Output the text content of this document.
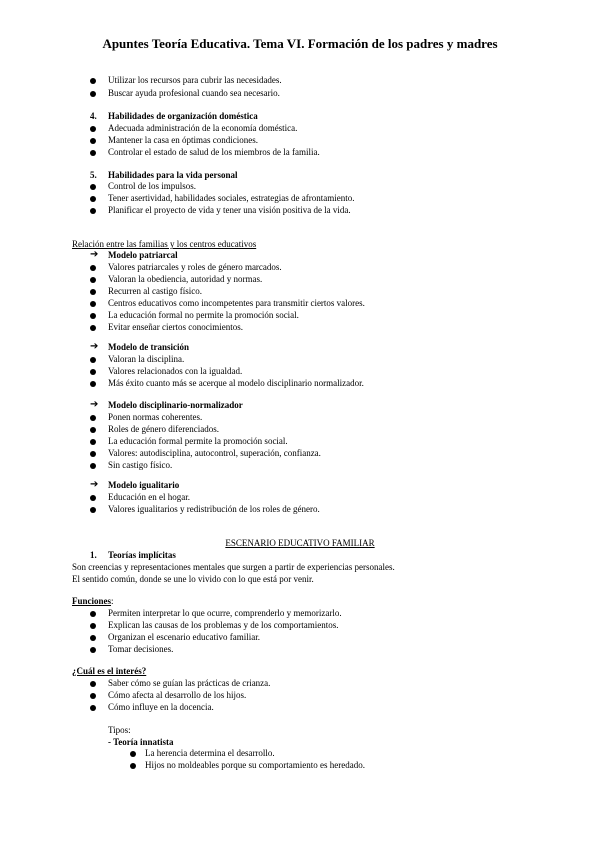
Apuntes Teoría Educativa. Tema VI. Formación de los padres y madres
Utilizar los recursos para cubrir las necesidades.
Buscar ayuda profesional cuando sea necesario.
4. Habilidades de organización doméstica
Adecuada administración de la economía doméstica.
Mantener la casa en óptimas condiciones.
Controlar el estado de salud de los miembros de la familia.
5. Habilidades para la vida personal
Control de los impulsos.
Tener asertividad, habilidades sociales, estrategias de afrontamiento.
Planificar el proyecto de vida y tener una visión positiva de la vida.
Relación entre las familias y los centros educativos
➔ Modelo patriarcal
Valores patriarcales y roles de género marcados.
Valoran la obediencia, autoridad y normas.
Recurren al castigo físico.
Centros educativos como incompetentes para transmitir ciertos valores.
La educación formal no permite la promoción social.
Evitar enseñar ciertos conocimientos.
➔ Modelo de transición
Valoran la disciplina.
Valores relacionados con la igualdad.
Más éxito cuanto más se acerque al modelo disciplinario normalizador.
➔ Modelo disciplinario-normalizador
Ponen normas coherentes.
Roles de género diferenciados.
La educación formal permite la promoción social.
Valores: autodisciplina, autocontrol, superación, confianza.
Sin castigo físico.
➔ Modelo igualitario
Educación en el hogar.
Valores igualitarios y redistribución de los roles de género.
ESCENARIO EDUCATIVO FAMILIAR
1. Teorías implícitas
Son creencias y representaciones mentales que surgen a partir de experiencias personales.
El sentido común, donde se une lo vivido con lo que está por venir.
Funciones:
Permiten interpretar lo que ocurre, comprenderlo y memorizarlo.
Explican las causas de los problemas y de los comportamientos.
Organizan el escenario educativo familiar.
Tomar decisiones.
¿Cuál es el interés?
Saber cómo se guían las prácticas de crianza.
Cómo afecta al desarrollo de los hijos.
Cómo influye en la docencia.
Tipos:
- Teoría innatista
La herencia determina el desarrollo.
Hijos no moldeables porque su comportamiento es heredado.
